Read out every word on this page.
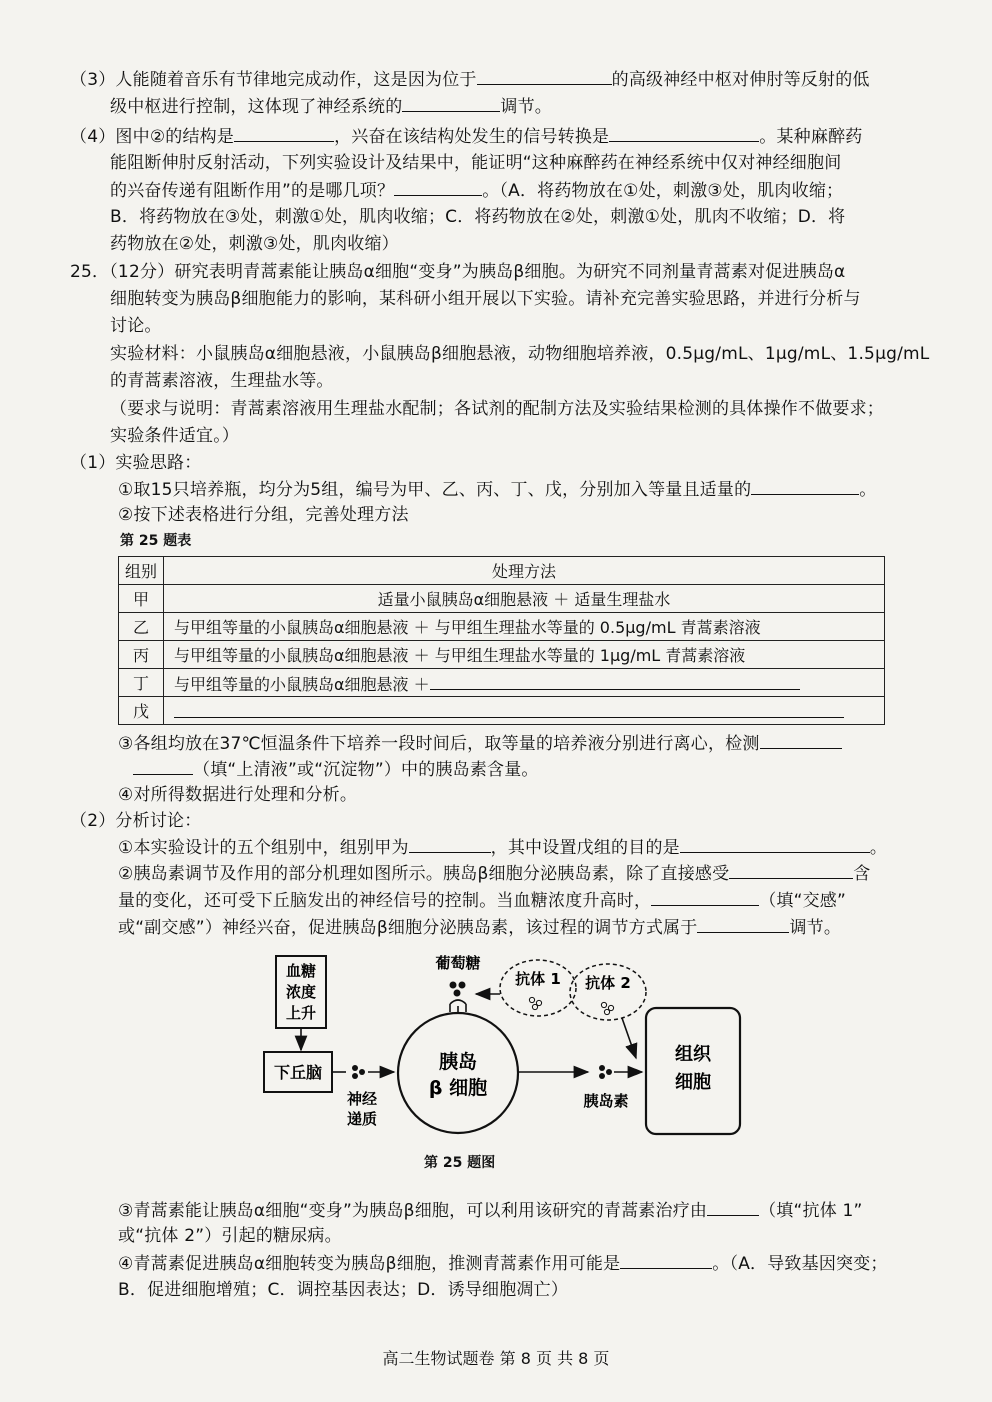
（3）人能随着音乐有节律地完成动作，这是因为位于	的高级神经中枢对伸肘等反射的低
级中枢进行控制，这体现了神经系统的	调节。
（4）图中②的结构是	，兴奋在该结构处发生的信号转换是	。某种麻醉药
能阻断伸肘反射活动，下列实验设计及结果中，能证明“这种麻醉药在神经系统中仅对神经细胞间
的兴奋传递有阻断作用”的是哪几项？	。（A．将药物放在①处，刺激③处，肌肉收缩；
B．将药物放在③处，刺激①处，肌肉收缩；C．将药物放在②处，刺激①处，肌肉不收缩；D．将
药物放在②处，刺激③处，肌肉收缩）
25．（12分）研究表明青蒿素能让胰岛α细胞“变身”为胰岛β细胞。为研究不同剂量青蒿素对促进胰岛α
细胞转变为胰岛β细胞能力的影响，某科研小组开展以下实验。请补充完善实验思路，并进行分析与
讨论。
实验材料：小鼠胰岛α细胞悬液，小鼠胰岛β细胞悬液，动物细胞培养液，0.5μg/mL、1μg/mL、1.5μg/mL
的青蒿素溶液，生理盐水等。
（要求与说明：青蒿素溶液用生理盐水配制；各试剂的配制方法及实验结果检测的具体操作不做要求；
实验条件适宜。）
（1）实验思路：
①取15只培养瓶，均分为5组，编号为甲、乙、丙、丁、戊，分别加入等量且适量的	。
②按下述表格进行分组，完善处理方法
第 25 题表
组别	处理方法
甲	适量小鼠胰岛α细胞悬液 ＋ 适量生理盐水
乙	与甲组等量的小鼠胰岛α细胞悬液 ＋ 与甲组生理盐水等量的 0.5μg/mL 青蒿素溶液
丙	与甲组等量的小鼠胰岛α细胞悬液 ＋ 与甲组生理盐水等量的 1μg/mL 青蒿素溶液
丁	与甲组等量的小鼠胰岛α细胞悬液 ＋
戊	
③各组均放在37℃恒温条件下培养一段时间后，取等量的培养液分别进行离心，检测
（填“上清液”或“沉淀物”）中的胰岛素含量。
④对所得数据进行处理和分析。
（2）分析讨论：
①本实验设计的五个组别中，组别甲为	，其中设置戊组的目的是	。
②胰岛素调节及作用的部分机理如图所示。胰岛β细胞分泌胰岛素，除了直接感受	含
量的变化，还可受下丘脑发出的神经信号的控制。当血糖浓度升高时，	（填“交感”
或“副交感”）神经兴奋，促进胰岛β细胞分泌胰岛素，该过程的调节方式属于	调节。
血糖
浓度
上升
下丘脑
神经
递质
胰岛
β 细胞
葡萄糖
抗体 1 抗体 2
胰岛素
组织
细胞
第 25 题图
③青蒿素能让胰岛α细胞“变身”为胰岛β细胞，可以利用该研究的青蒿素治疗由	（填“抗体 1”
或“抗体 2”）引起的糖尿病。
④青蒿素促进胰岛α细胞转变为胰岛β细胞，推测青蒿素作用可能是	。（A．导致基因突变；
B．促进细胞增殖；C．调控基因表达；D．诱导细胞凋亡）
高二生物试题卷 第 8 页 共 8 页
